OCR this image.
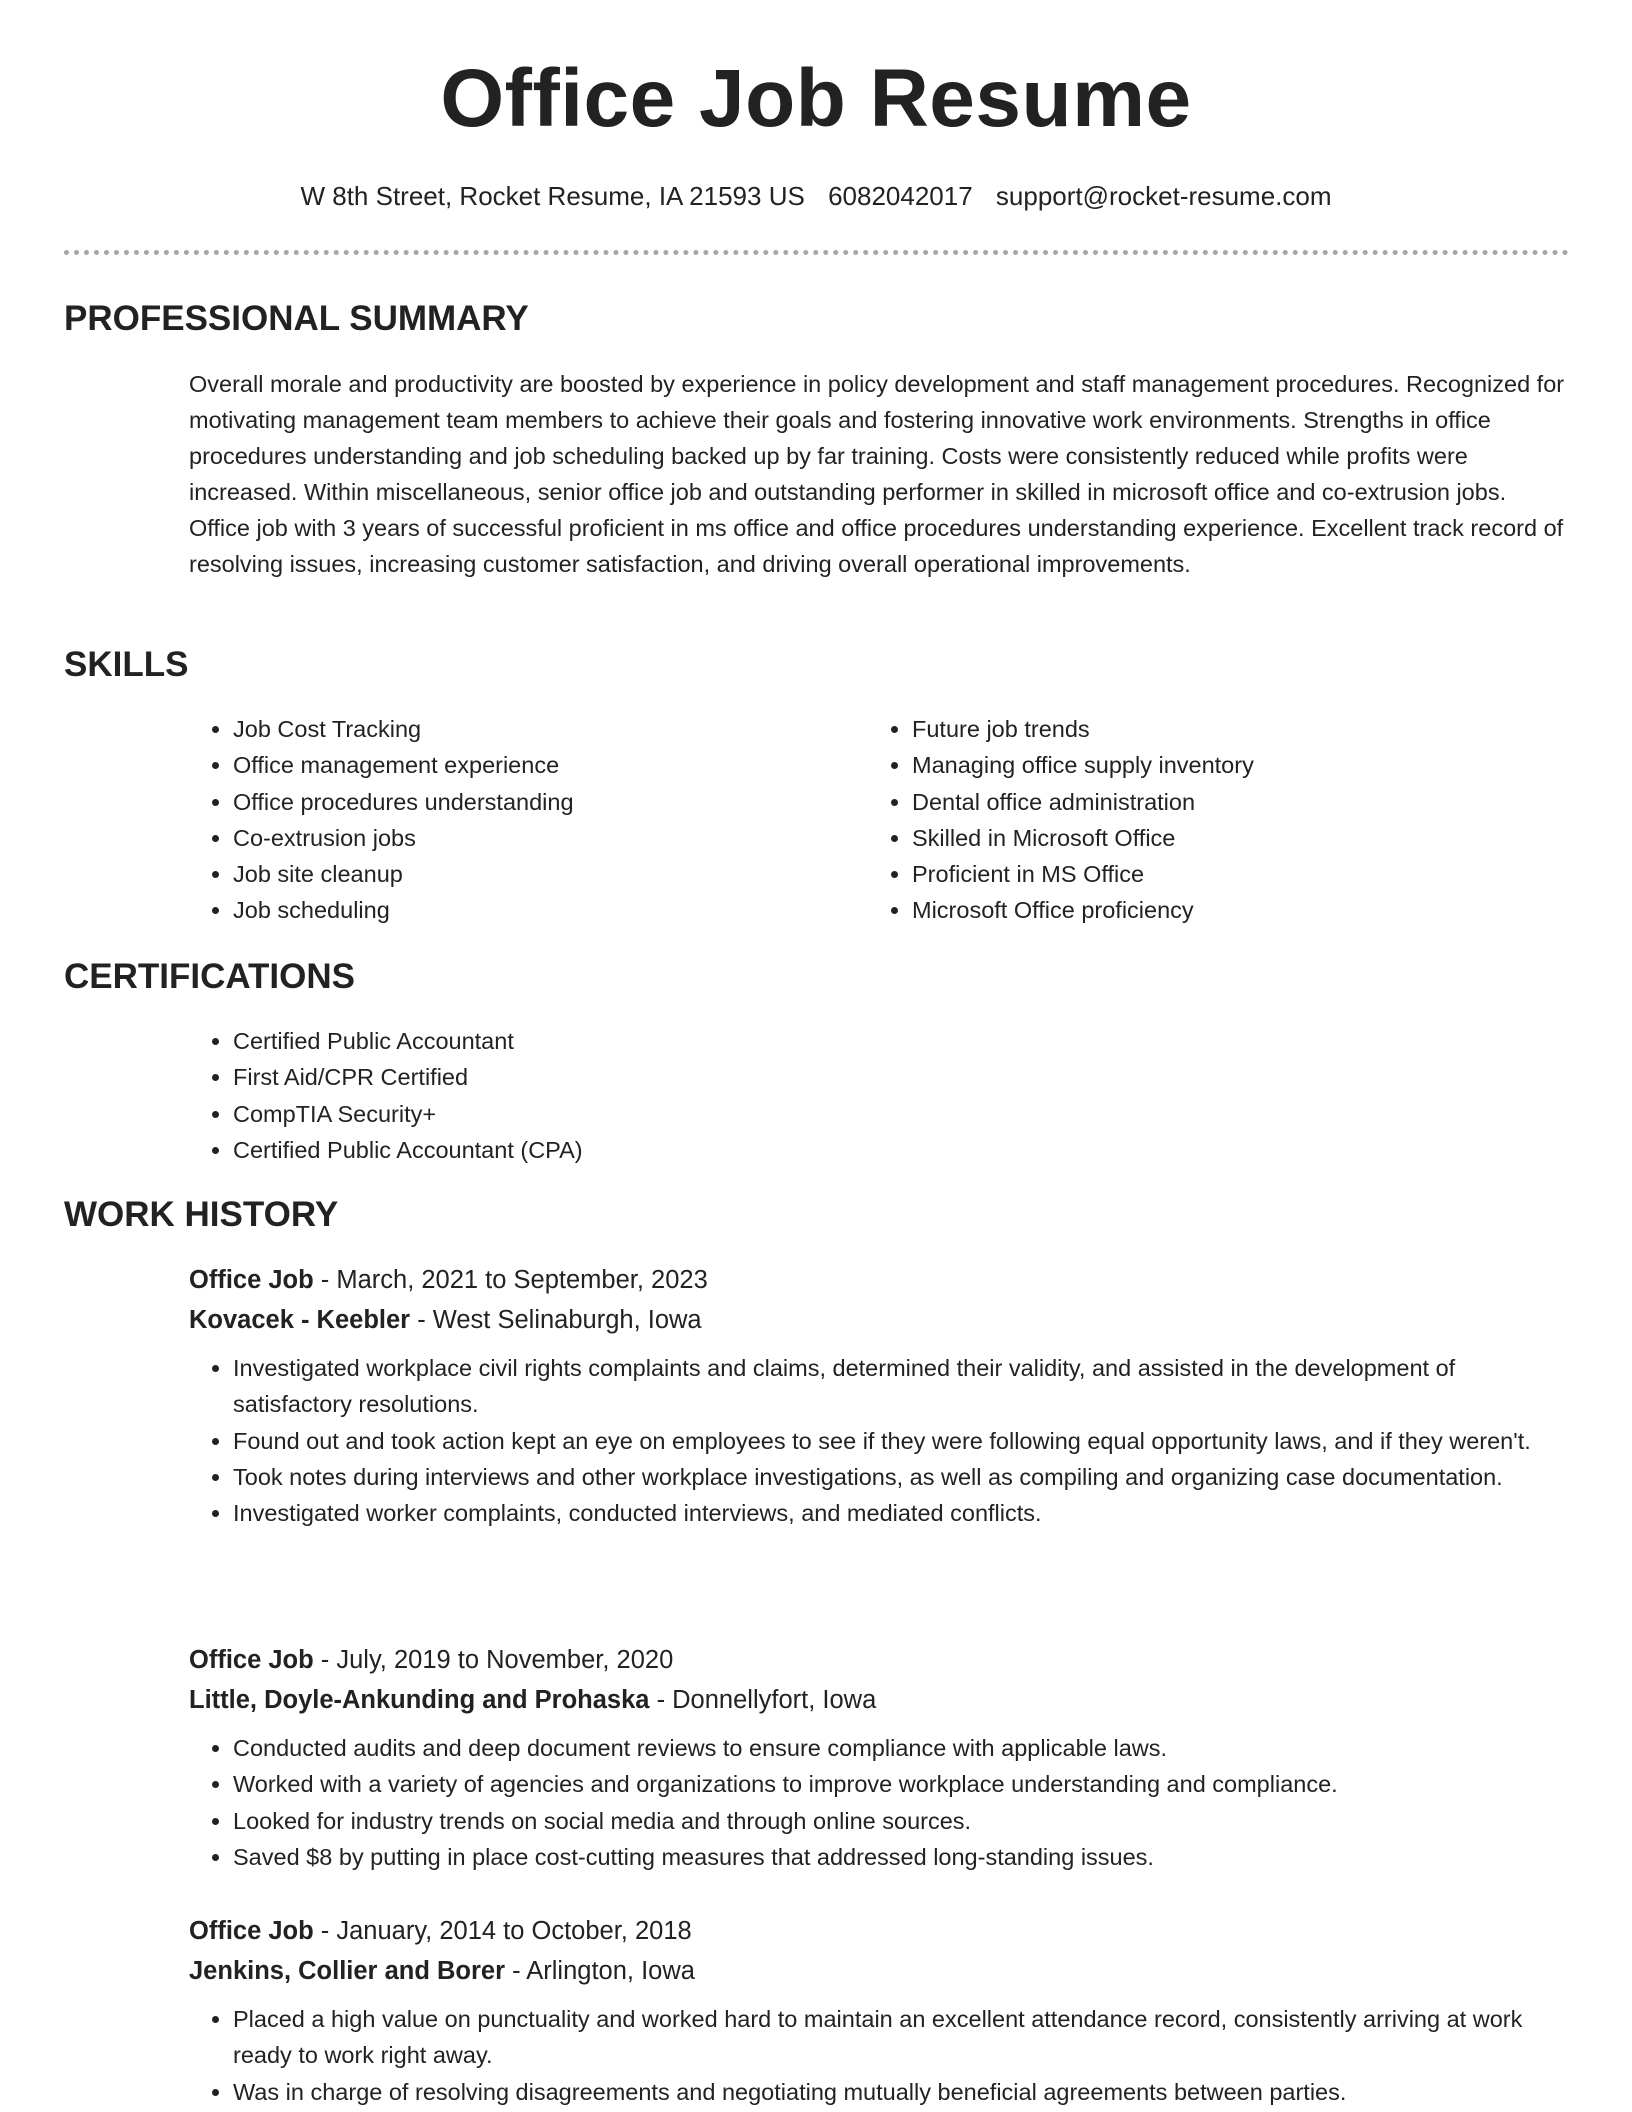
Office Job Resume
W 8th Street, Rocket Resume, IA 21593 US 6082042017 support@rocket-resume.com
PROFESSIONAL SUMMARY

Overall morale and productivity are boosted by experience in policy development and staff management procedures. Recognized for motivating management team members to achieve their goals and fostering innovative work environments. Strengths in office procedures understanding and job scheduling backed up by far training. Costs were consistently reduced while profits were increased. Within miscellaneous, senior office job and outstanding performer in skilled in microsoft office and co-extrusion jobs. Office job with 3 years of successful proficient in ms office and office procedures understanding experience. Excellent track record of resolving issues, increasing customer satisfaction, and driving overall operational improvements.

SKILLS
• Job Cost Tracking
• Office management experience
• Office procedures understanding
• Co-extrusion jobs
• Job site cleanup
• Job scheduling
• Future job trends
• Managing office supply inventory
• Dental office administration
• Skilled in Microsoft Office
• Proficient in MS Office
• Microsoft Office proficiency
CERTIFICATIONS
• Certified Public Accountant
• First Aid/CPR Certified
• CompTIA Security+
• Certified Public Accountant (CPA)
WORK HISTORY
Office Job - March, 2021 to September, 2023
Kovacek - Keebler - West Selinaburgh, Iowa
• Investigated workplace civil rights complaints and claims, determined their validity, and assisted in the development of satisfactory resolutions.
• Found out and took action kept an eye on employees to see if they were following equal opportunity laws, and if they weren't.
• Took notes during interviews and other workplace investigations, as well as compiling and organizing case documentation.
• Investigated worker complaints, conducted interviews, and mediated conflicts.
Office Job - July, 2019 to November, 2020
Little, Doyle-Ankunding and Prohaska - Donnellyfort, Iowa
• Conducted audits and deep document reviews to ensure compliance with applicable laws.
• Worked with a variety of agencies and organizations to improve workplace understanding and compliance.
• Looked for industry trends on social media and through online sources.
• Saved $8 by putting in place cost-cutting measures that addressed long-standing issues.
Office Job - January, 2014 to October, 2018
Jenkins, Collier and Borer - Arlington, Iowa
• Placed a high value on punctuality and worked hard to maintain an excellent attendance record, consistently arriving at work ready to work right away.
• Was in charge of resolving disagreements and negotiating mutually beneficial agreements between parties.
